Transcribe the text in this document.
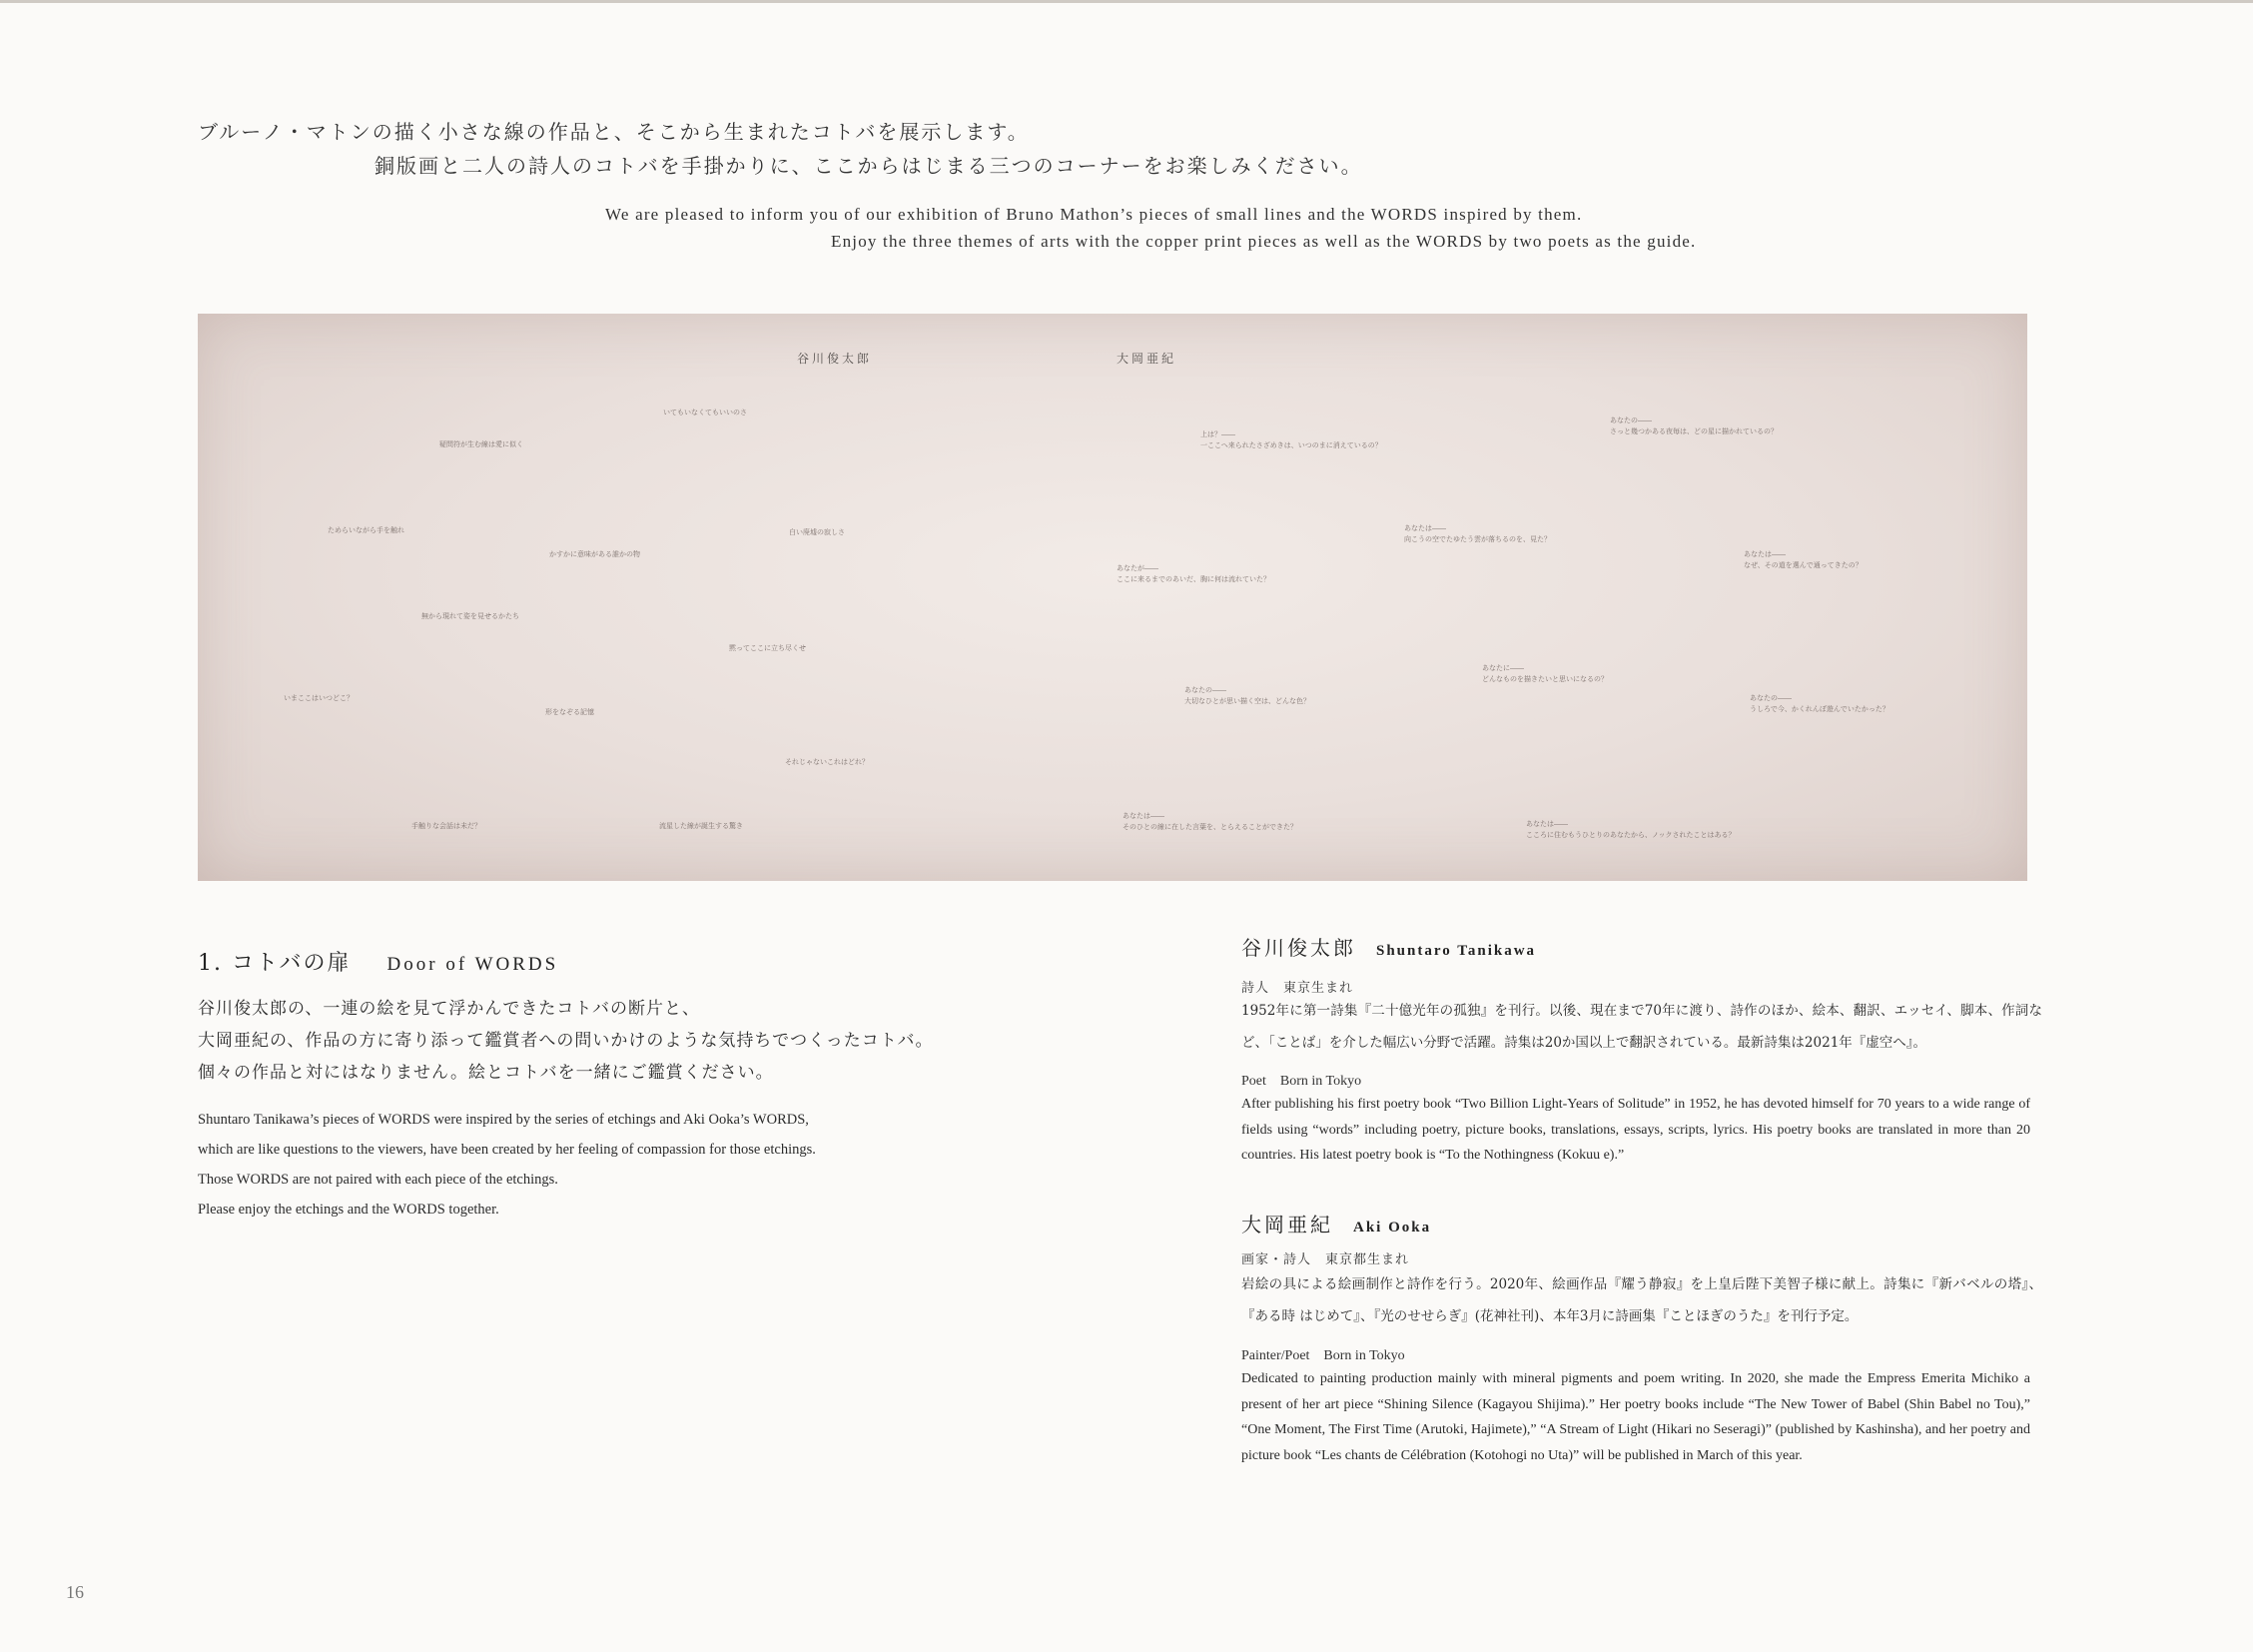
ブルーノ・マトンの描く小さな線の作品と、そこから生まれたコトバを展示します。

銅版画と二人の詩人のコトバを手掛かりに、ここからはじまる三つのコーナーをお楽しみください。

We are pleased to inform you of our exhibition of Bruno Mathon’s pieces of small lines and the WORDS inspired by them.

Enjoy the three themes of arts with the copper print pieces as well as the WORDS by two poets as the guide.

谷川俊太郎	大岡亜紀
いてもいなくてもいいのさ
疑問符が生む線は愛に似く
ためらいながら手を触れ
かすかに意味がある誰かの物
白い廃墟の寂しさ
無から現れて姿を見せるかたち
黙ってここに立ち尽くせ
いまここはいつどこ？
形をなぞる記憶
それじゃないこれはどれ？
手触りな会話は未だ？	流星した線が誕生する驚き
あなたの――
さっと幾つかある夜毎は、どの星に描かれているの？
上は？――
一ここへ来られたさざめきは、いつのまに消えているの？
あなたは――
向こうの空でたゆたう雲が落ちるのを、見た？
あなたは――
なぜ、その道を選んで通ってきたの？
あなたが――
ここに来るまでのあいだ、胸に何は流れていた？
あなたに――
どんなものを描きたいと思いになるの？
あなたの――
大切なひとが思い描く空は、どんな色？	あなたの――
うしろで今、かくれんぼ遊んでいたかった？
あなたは――
そのひとの線に在した言葉を、とらえることができた？	あなたは――
こころに住むもうひとりのあなたから、ノックされたことはある？

1. コトバの扉 Door of WORDS

谷川俊太郎の、一連の絵を見て浮かんできたコトバの断片と、
大岡亜紀の、作品の方に寄り添って鑑賞者への問いかけのような気持ちでつくったコトバ。
個々の作品と対にはなりません。絵とコトバを一緒にご鑑賞ください。
Shuntaro Tanikawa’s pieces of WORDS were inspired by the series of etchings and Aki Ooka’s WORDS,
which are like questions to the viewers, have been created by her feeling of compassion for those etchings.
Those WORDS are not paired with each piece of the etchings.
Please enjoy the etchings and the WORDS together.

谷川俊太郎 Shuntaro Tanikawa

詩人　東京生まれ

1952年に第一詩集『二十億光年の孤独』を刊行。以後、現在まで70年に渡り、詩作のほか、絵本、翻訳、エッセイ、脚本、作詞など、「ことば」を介した幅広い分野で活躍。詩集は20か国以上で翻訳されている。最新詩集は2021年『虚空へ』。

Poet　Born in Tokyo

After publishing his first poetry book “Two Billion Light-Years of Solitude” in 1952, he has devoted himself for 70 years to a wide range of fields using “words” including poetry, picture books, translations, essays, scripts, lyrics. His poetry books are translated in more than 20 countries. His latest poetry book is “To the Nothingness (Kokuu e).”

大岡亜紀 Aki Ooka

画家・詩人　東京都生まれ

岩絵の具による絵画制作と詩作を行う。2020年、絵画作品『耀う静寂』を上皇后陛下美智子様に献上。詩集に『新バベルの塔』、『ある時 はじめて』、『光のせせらぎ』(花神社刊)、本年3月に詩画集『ことほぎのうた』を刊行予定。

Painter/Poet　Born in Tokyo

Dedicated to painting production mainly with mineral pigments and poem writing. In 2020, she made the Empress Emerita Michiko a present of her art piece “Shining Silence (Kagayou Shijima).” Her poetry books include “The New Tower of Babel (Shin Babel no Tou),” “One Moment, The First Time (Arutoki, Hajimete),” “A Stream of Light (Hikari no Seseragi)” (published by Kashinsha), and her poetry and picture book “Les chants de Célébration (Kotohogi no Uta)” will be published in March of this year.

16
